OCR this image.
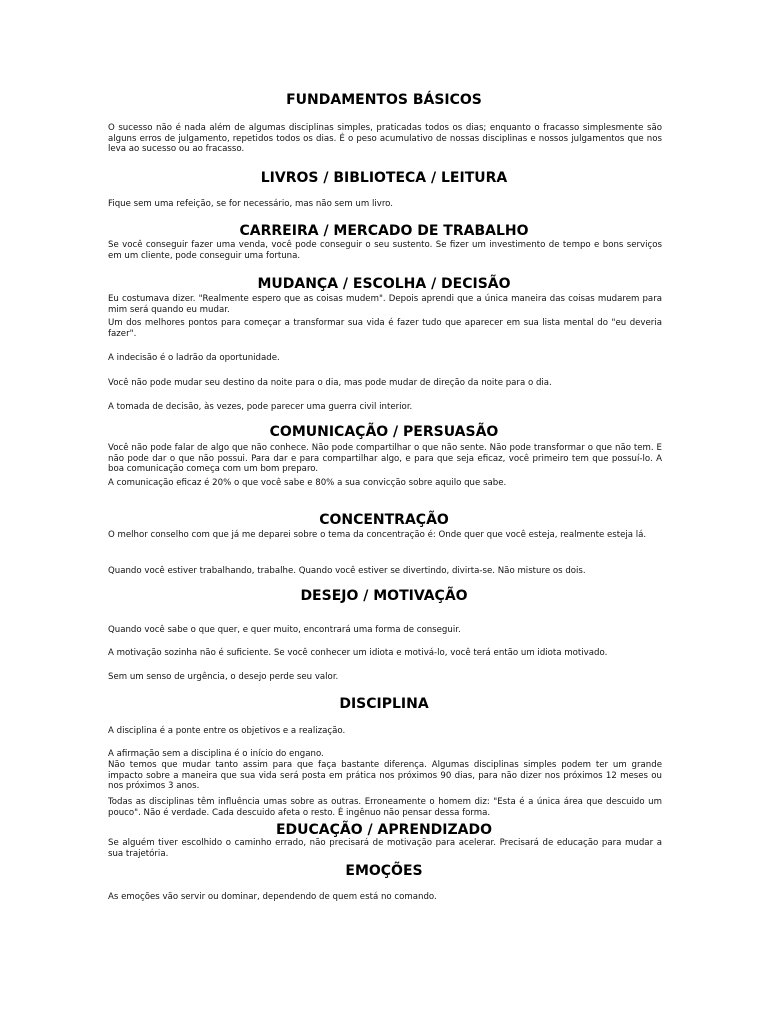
FUNDAMENTOS BÁSICOS

O sucesso não é nada além de algumas disciplinas simples, praticadas todos os dias; enquanto o fracasso simplesmente são alguns erros de julgamento, repetidos todos os dias. É o peso acumulativo de nossas disciplinas e nossos julgamentos que nos leva ao sucesso ou ao fracasso.

LIVROS / BIBLIOTECA / LEITURA

Fique sem uma refeição, se for necessário, mas não sem um livro.

CARREIRA / MERCADO DE TRABALHO

Se você conseguir fazer uma venda, você pode conseguir o seu sustento. Se fizer um investimento de tempo e bons serviços em um cliente, pode conseguir uma fortuna.

MUDANÇA / ESCOLHA / DECISÃO

Eu costumava dizer. "Realmente espero que as coisas mudem". Depois aprendi que a única maneira das coisas mudarem para mim será quando eu mudar.

Um dos melhores pontos para começar a transformar sua vida é fazer tudo que aparecer em sua lista mental do "eu deveria fazer".

A indecisão é o ladrão da oportunidade.

Você não pode mudar seu destino da noite para o dia, mas pode mudar de direção da noite para o dia.

A tomada de decisão, às vezes, pode parecer uma guerra civil interior.

COMUNICAÇÃO / PERSUASÃO

Você não pode falar de algo que não conhece. Não pode compartilhar o que não sente. Não pode transformar o que não tem. E não pode dar o que não possui. Para dar e para compartilhar algo, e para que seja eficaz, você primeiro tem que possuí-lo. A boa comunicação começa com um bom preparo.

A comunicação eficaz é 20% o que você sabe e 80% a sua convicção sobre aquilo que sabe.

CONCENTRAÇÃO

O melhor conselho com que já me deparei sobre o tema da concentração é: Onde quer que você esteja, realmente esteja lá.

Quando você estiver trabalhando, trabalhe. Quando você estiver se divertindo, divirta-se. Não misture os dois.

DESEJO / MOTIVAÇÃO

Quando você sabe o que quer, e quer muito, encontrará uma forma de conseguir.

A motivação sozinha não é suficiente. Se você conhecer um idiota e motivá-lo, você terá então um idiota motivado.

Sem um senso de urgência, o desejo perde seu valor.

DISCIPLINA

A disciplina é a ponte entre os objetivos e a realização.

A afirmação sem a disciplina é o início do engano.

Não temos que mudar tanto assim para que faça bastante diferença. Algumas disciplinas simples podem ter um grande impacto sobre a maneira que sua vida será posta em prática nos próximos 90 dias, para não dizer nos próximos 12 meses ou nos próximos 3 anos.

Todas as disciplinas têm influência umas sobre as outras. Erroneamente o homem diz: "Esta é a única área que descuido um pouco". Não é verdade. Cada descuido afeta o resto. É ingênuo não pensar dessa forma.

EDUCAÇÃO / APRENDIZADO

Se alguém tiver escolhido o caminho errado, não precisará de motivação para acelerar. Precisará de educação para mudar a sua trajetória.

EMOÇÕES

As emoções vão servir ou dominar, dependendo de quem está no comando.
